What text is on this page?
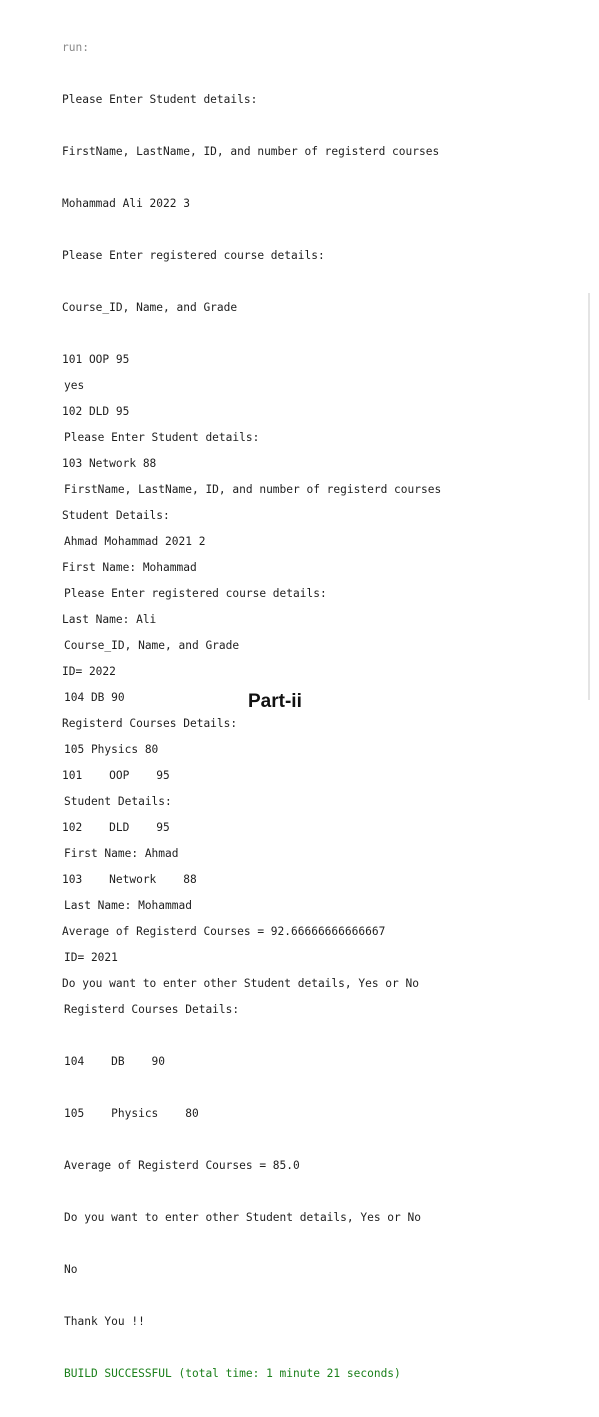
run:

Please Enter Student details:

FirstName, LastName, ID, and number of registerd courses

Mohammad Ali 2022 3

Please Enter registered course details:

Course_ID, Name, and Grade

101 OOP 95

102 DLD 95

103 Network 88

Student Details:

First Name: Mohammad

Last Name: Ali

ID= 2022

Registerd Courses Details:

101    OOP    95

102    DLD    95

103    Network    88

Average of Registerd Courses = 92.66666666666667

Do you want to enter other Student details, Yes or No

yes

Please Enter Student details:

FirstName, LastName, ID, and number of registerd courses

Ahmad Mohammad 2021 2

Please Enter registered course details:

Course_ID, Name, and Grade

104 DB 90

105 Physics 80

Student Details:

First Name: Ahmad

Last Name: Mohammad

ID= 2021

Registerd Courses Details:

104    DB    90

105    Physics    80

Average of Registerd Courses = 85.0

Do you want to enter other Student details, Yes or No

No

Thank You !!

BUILD SUCCESSFUL (total time: 1 minute 21 seconds)

Part-ii
